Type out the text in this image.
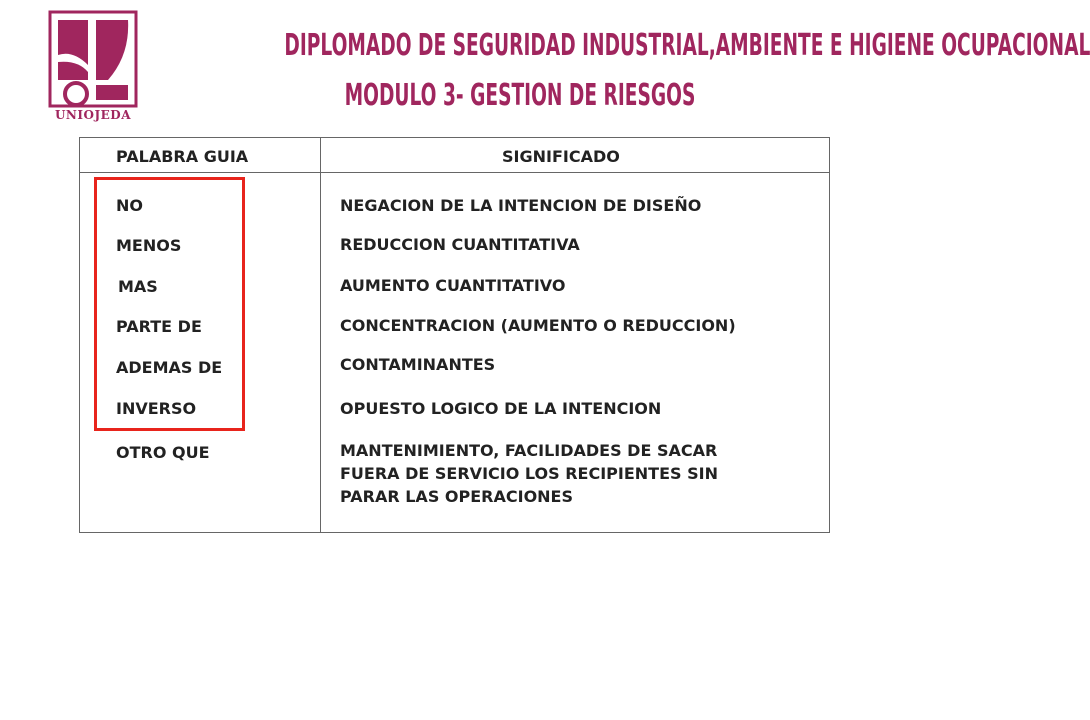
UNIOJEDA
DIPLOMADO DE SEGURIDAD INDUSTRIAL,AMBIENTE E HIGIENE OCUPACIONAL
MODULO 3- GESTION DE RIESGOS
PALABRA GUIA	SIGNIFICADO
NO	NEGACION DE LA INTENCION DE DISEÑO
MENOS	REDUCCION CUANTITATIVA
MAS	AUMENTO CUANTITATIVO
PARTE DE	CONCENTRACION (AUMENTO O REDUCCION)
ADEMAS DE	CONTAMINANTES
INVERSO	OPUESTO LOGICO DE LA INTENCION
OTRO QUE	MANTENIMIENTO, FACILIDADES DE SACAR
FUERA DE SERVICIO LOS RECIPIENTES SIN
PARAR LAS OPERACIONES
